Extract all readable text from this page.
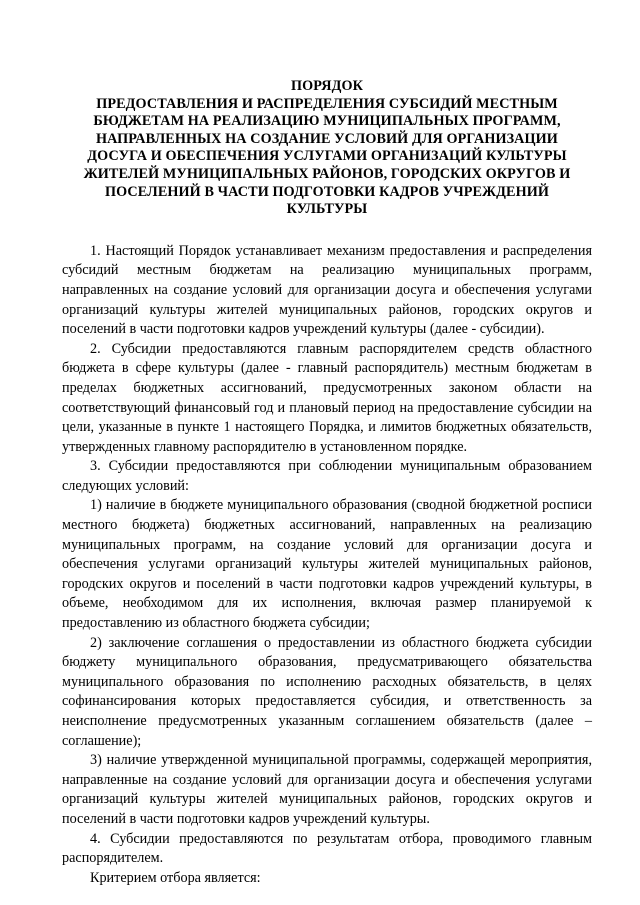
ПОРЯДОК
ПРЕДОСТАВЛЕНИЯ И РАСПРЕДЕЛЕНИЯ СУБСИДИЙ МЕСТНЫМ
БЮДЖЕТАМ НА РЕАЛИЗАЦИЮ МУНИЦИПАЛЬНЫХ ПРОГРАММ,
НАПРАВЛЕННЫХ НА СОЗДАНИЕ УСЛОВИЙ ДЛЯ ОРГАНИЗАЦИИ
ДОСУГА И ОБЕСПЕЧЕНИЯ УСЛУГАМИ ОРГАНИЗАЦИЙ КУЛЬТУРЫ
ЖИТЕЛЕЙ МУНИЦИПАЛЬНЫХ РАЙОНОВ, ГОРОДСКИХ ОКРУГОВ И
ПОСЕЛЕНИЙ В ЧАСТИ ПОДГОТОВКИ КАДРОВ УЧРЕЖДЕНИЙ
КУЛЬТУРЫ

1. Настоящий Порядок устанавливает механизм предоставления и распределения субсидий местным бюджетам на реализацию муниципальных программ, направленных на создание условий для организации досуга и обеспечения услугами организаций культуры жителей муниципальных районов, городских округов и поселений в части подготовки кадров учреждений культуры (далее - субсидии).

2. Субсидии предоставляются главным распорядителем средств областного бюджета в сфере культуры (далее - главный распорядитель) местным бюджетам в пределах бюджетных ассигнований, предусмотренных законом области на соответствующий финансовый год и плановый период на предоставление субсидии на цели, указанные в пункте 1 настоящего Порядка, и лимитов бюджетных обязательств, утвержденных главному распорядителю в установленном порядке.

3. Субсидии предоставляются при соблюдении муниципальным образованием следующих условий:

1) наличие в бюджете муниципального образования (сводной бюджетной росписи местного бюджета) бюджетных ассигнований, направленных на реализацию муниципальных программ, на создание условий для организации досуга и обеспечения услугами организаций культуры жителей муниципальных районов, городских округов и поселений в части подготовки кадров учреждений культуры, в объеме, необходимом для их исполнения, включая размер планируемой к предоставлению из областного бюджета субсидии;

2) заключение соглашения о предоставлении из областного бюджета субсидии бюджету муниципального образования, предусматривающего обязательства муниципального образования по исполнению расходных обязательств, в целях софинансирования которых предоставляется субсидия, и ответственность за неисполнение предусмотренных указанным соглашением обязательств (далее – соглашение);

3) наличие утвержденной муниципальной программы, содержащей мероприятия, направленные на создание условий для организации досуга и обеспечения услугами организаций культуры жителей муниципальных районов, городских округов и поселений в части подготовки кадров учреждений культуры.

4. Субсидии предоставляются по результатам отбора, проводимого главным распорядителем.

Критерием отбора является:
